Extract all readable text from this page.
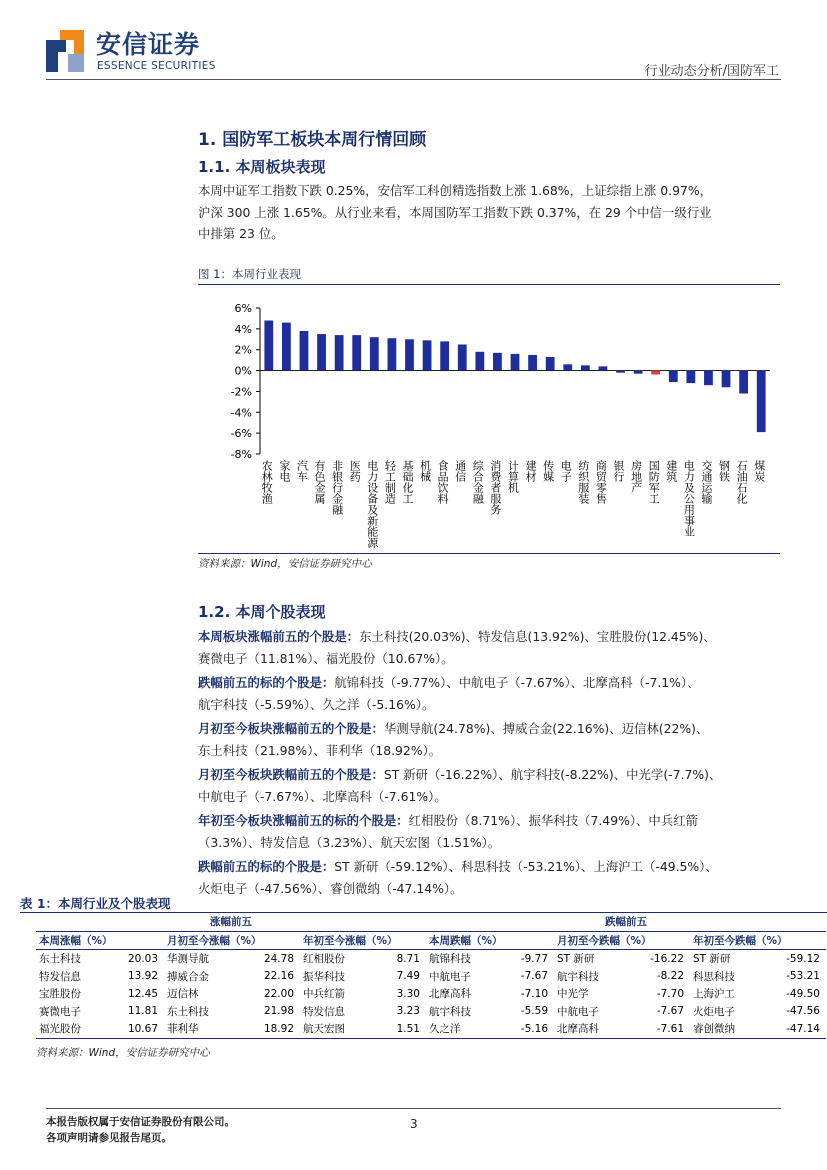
安信证券
ESSENCE SECURITIES	行业动态分析/国防军工
1. 国防军工板块本周行情回顾
1.1. 本周板块表现

本周中证军工指数下跌 0.25%，安信军工科创精选指数上涨 1.68%，上证综指上涨 0.97%，

沪深 300 上涨 1.65%。从行业来看，本周国防军工指数下跌 0.37%，在 29 个中信一级行业

中排第 23 位。

图 1：本周行业表现
6%
4%
2%
0%
-2%
-4%
-6%
-8%
农林牧渔 家电 汽车 有色金属 非银行金融 医药 电力设备及新能源 轻工制造 基础化工 机械 食品饮料 通信 综合金融 消费者服务 计算机 建材 传媒 电子 纺织服装 商贸零售 银行 房地产 国防军工 建筑 电力及公用事业 交通运输 钢铁 石油石化 煤炭
资料来源：Wind，安信证券研究中心
1.2. 本周个股表现

本周板块涨幅前五的个股是：东土科技(20.03%)、特发信息(13.92%)、宝胜股份(12.45%)、

赛微电子（11.81%）、福光股份（10.67%）。

跌幅前五的标的个股是：航锦科技（-9.77%）、中航电子（-7.67%）、北摩高科（-7.1%）、

航宇科技（-5.59%）、久之洋（-5.16%）。

月初至今板块涨幅前五的个股是：华测导航(24.78%)、搏威合金(22.16%)、迈信林(22%)、

东土科技（21.98%）、菲利华（18.92%）。

月初至今板块跌幅前五的个股是：ST 新研（-16.22%）、航宇科技(-8.22%)、中光学(-7.7%)、

中航电子（-7.67%）、北摩高科（-7.61%）。

年初至今板块涨幅前五的标的个股是：红相股份（8.71%）、振华科技（7.49%）、中兵红箭

（3.3%）、特发信息（3.23%）、航天宏图（1.51%）。

跌幅前五的标的个股是：ST 新研（-59.12%）、科思科技（-53.21%）、上海沪工（-49.5%）、

火炬电子（-47.56%）、睿创微纳（-47.14%）。

表 1：本周行业及个股表现
涨幅前五						跌幅前五					
本周涨幅（%）		月初至今涨幅（%）		年初至今涨幅（%）		本周跌幅（%）		月初至今跌幅（%）		年初至今跌幅（%）	
东土科技	20.03	华测导航	24.78	红相股份	8.71	航锦科技	-9.77	ST 新研	-16.22	ST 新研	-59.12
特发信息	13.92	搏威合金	22.16	振华科技	7.49	中航电子	-7.67	航宇科技	-8.22	科思科技	-53.21
宝胜股份	12.45	迈信林	22.00	中兵红箭	3.30	北摩高科	-7.10	中光学	-7.70	上海沪工	-49.50
赛微电子	11.81	东土科技	21.98	特发信息	3.23	航宇科技	-5.59	中航电子	-7.67	火炬电子	-47.56
福光股份	10.67	菲利华	18.92	航天宏图	1.51	久之洋	-5.16	北摩高科	-7.61	睿创微纳	-47.14
资料来源：Wind，安信证券研究中心
本报告版权属于安信证券股份有限公司。
各项声明请参见报告尾页。
3
